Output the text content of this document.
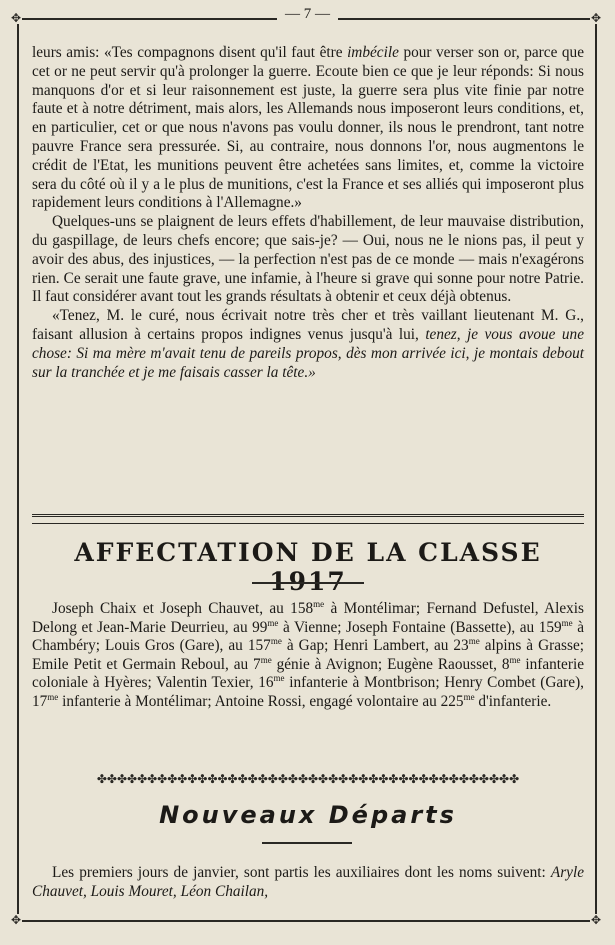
✥	✥
✥	✥
— 7 —

leurs amis: «Tes compagnons disent qu'il faut être imbécile pour verser son or, parce que cet or ne peut servir qu'à prolonger la guerre. Ecoute bien ce que je leur réponds: Si nous manquons d'or et si leur raisonnement est juste, la guerre sera plus vite finie par notre faute et à notre détriment, mais alors, les Allemands nous imposeront leurs conditions, et, en particulier, cet or que nous n'avons pas voulu donner, ils nous le prendront, tant notre pauvre France sera pressurée. Si, au contraire, nous donnons l'or, nous augmentons le crédit de l'Etat, les munitions peuvent être achetées sans limites, et, comme la victoire sera du côté où il y a le plus de munitions, c'est la France et ses alliés qui imposeront plus rapidement leurs conditions à l'Allemagne.»

Quelques-uns se plaignent de leurs effets d'habillement, de leur mauvaise distribution, du gaspillage, de leurs chefs encore; que sais-je? — Oui, nous ne le nions pas, il peut y avoir des abus, des injustices, — la perfection n'est pas de ce monde — mais n'exagérons rien. Ce serait une faute grave, une infamie, à l'heure si grave qui sonne pour notre Patrie. Il faut considérer avant tout les grands résultats à obtenir et ceux déjà obtenus.

«Tenez, M. le curé, nous écrivait notre très cher et très vaillant lieutenant M. G., faisant allusion à certains propos indignes venus jusqu'à lui, tenez, je vous avoue une chose: Si ma mère m'avait tenu de pareils propos, dès mon arrivée ici, je montais debout sur la tranchée et je me faisais casser la tête.»

AFFECTATION DE LA CLASSE 1917

Joseph Chaix et Joseph Chauvet, au $158^{me}$ à Montélimar; Fernand Defustel, Alexis Delong et Jean-Marie Deurrieu, au $99^{me}$ à Vienne; Joseph Fontaine (Bassette), au $159^{me}$ à Chambéry; Louis Gros (Gare), au $157^{me}$ à Gap; Henri Lambert, au $23^{me}$ alpins à Grasse; Emile Petit et Germain Reboul, au $7^{me}$ génie à Avignon; Eugène Raousset, $8^{me}$ infanterie coloniale à Hyères; Valentin Texier, $16^{me}$ infanterie à Montbrison; Henry Combet (Gare), $17^{me}$ infanterie à Montélimar; Antoine Rossi, engagé volontaire au $225^{me}$ d'infanterie.

✤✤✤✤✤✤✤✤✤✤✤✤✤✤✤✤✤✤✤✤✤✤✤✤✤✤✤✤✤✤✤✤✤✤✤✤✤✤✤✤✤✤
Nouveaux Départs

Les premiers jours de janvier, sont partis les auxiliaires dont les noms suivent: Aryle Chauvet, Louis Mouret, Léon Chailan,
